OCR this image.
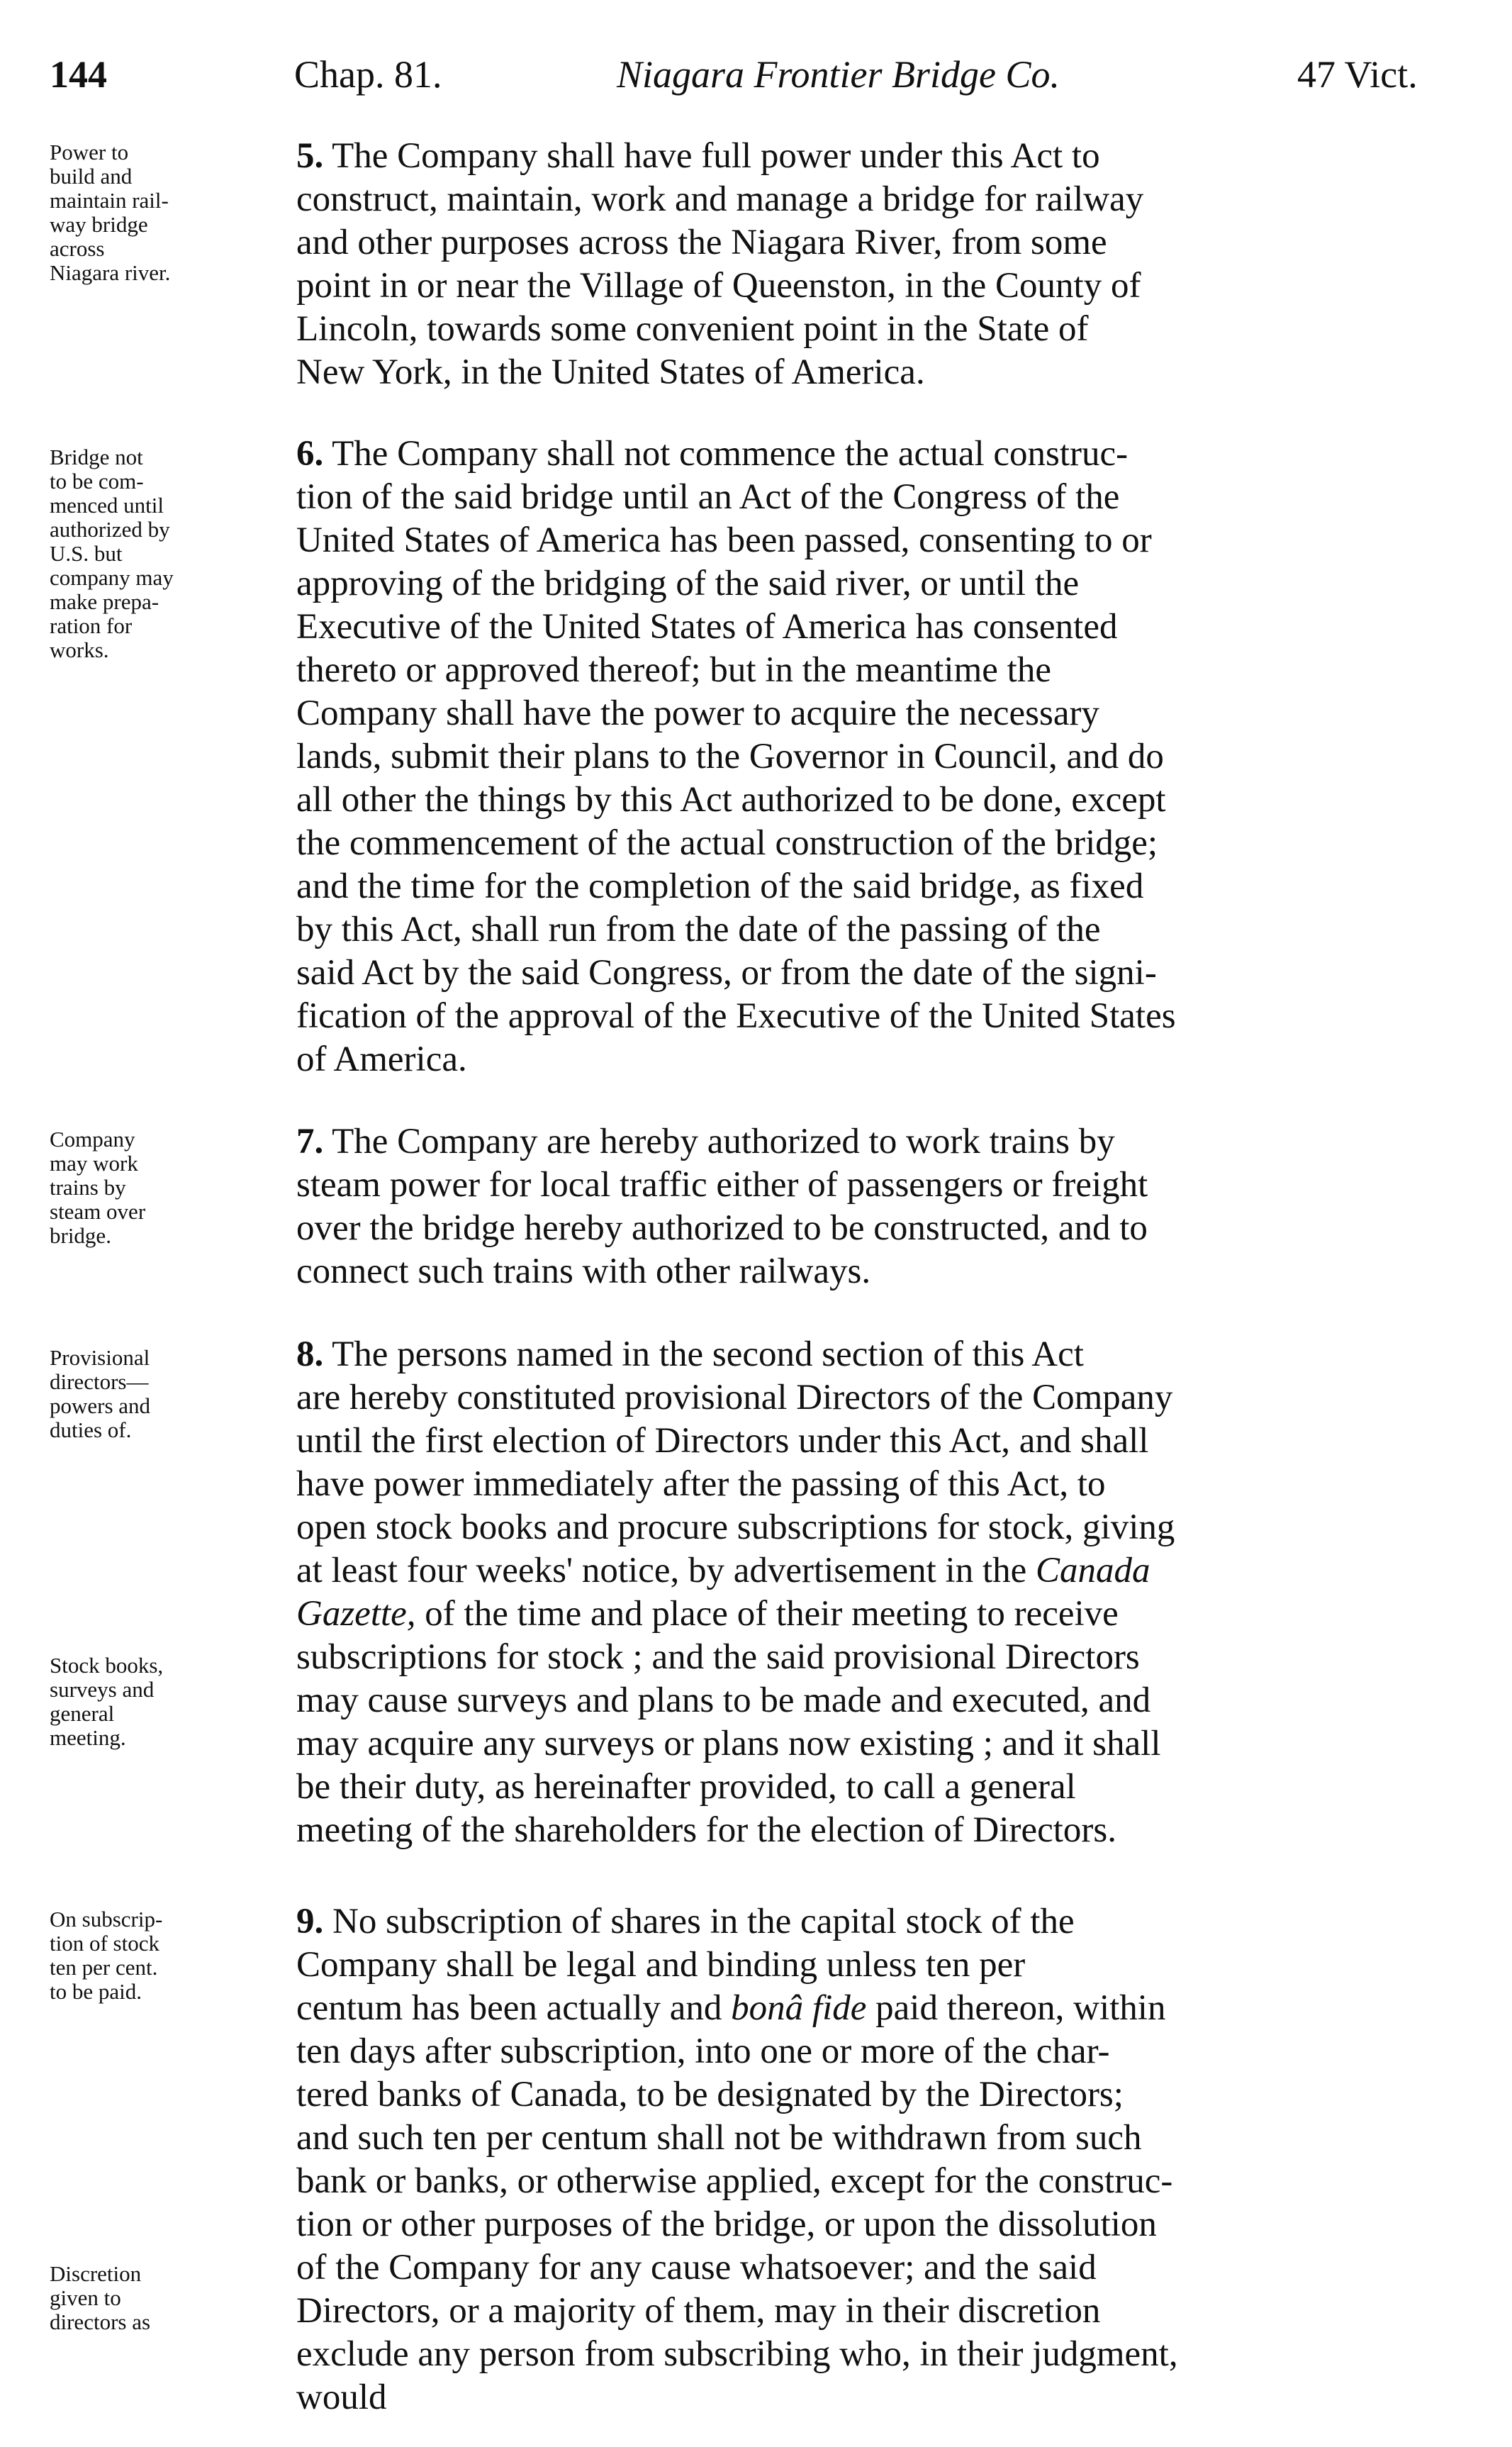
144	Chap. 81.	Niagara Frontier Bridge Co.	47 Vict.
Power to
build and
maintain rail-
way bridge
across
Niagara river.
5. The Company shall have full power under this Act to
construct, maintain, work and manage a bridge for railway
and other purposes across the Niagara River, from some
point in or near the Village of Queenston, in the County of
Lincoln, towards some convenient point in the State of
New York, in the United States of America.
Bridge not
to be com-
menced until
authorized by
U.S. but
company may
make prepa-
ration for
works.
6. The Company shall not commence the actual construc-
tion of the said bridge until an Act of the Congress of the
United States of America has been passed, consenting to or
approving of the bridging of the said river, or until the
Executive of the United States of America has consented
thereto or approved thereof; but in the meantime the
Company shall have the power to acquire the necessary
lands, submit their plans to the Governor in Council, and do
all other the things by this Act authorized to be done, except
the commencement of the actual construction of the bridge;
and the time for the completion of the said bridge, as fixed
by this Act, shall run from the date of the passing of the
said Act by the said Congress, or from the date of the signi-
fication of the approval of the Executive of the United States
of America.
Company
may work
trains by
steam over
bridge.
7. The Company are hereby authorized to work trains by
steam power for local traffic either of passengers or freight
over the bridge hereby authorized to be constructed, and to
connect such trains with other railways.
Provisional
directors—
powers and
duties of.
Stock books,
surveys and
general
meeting.
8. The persons named in the second section of this Act
are hereby constituted provisional Directors of the Company
until the first election of Directors under this Act, and shall
have power immediately after the passing of this Act, to
open stock books and procure subscriptions for stock, giving
at least four weeks' notice, by advertisement in the Canada
Gazette, of the time and place of their meeting to receive
subscriptions for stock ; and the said provisional Directors
may cause surveys and plans to be made and executed, and
may acquire any surveys or plans now existing ; and it shall
be their duty, as hereinafter provided, to call a general
meeting of the shareholders for the election of Directors.
On subscrip-
tion of stock
ten per cent.
to be paid.
Discretion
given to
directors as
9. No subscription of shares in the capital stock of the
Company shall be legal and binding unless ten per
centum has been actually and bonâ fide paid thereon, within
ten days after subscription, into one or more of the char-
tered banks of Canada, to be designated by the Directors;
and such ten per centum shall not be withdrawn from such
bank or banks, or otherwise applied, except for the construc-
tion or other purposes of the bridge, or upon the dissolution
of the Company for any cause whatsoever; and the said
Directors, or a majority of them, may in their discretion
exclude any person from subscribing who, in their judgment,
would
